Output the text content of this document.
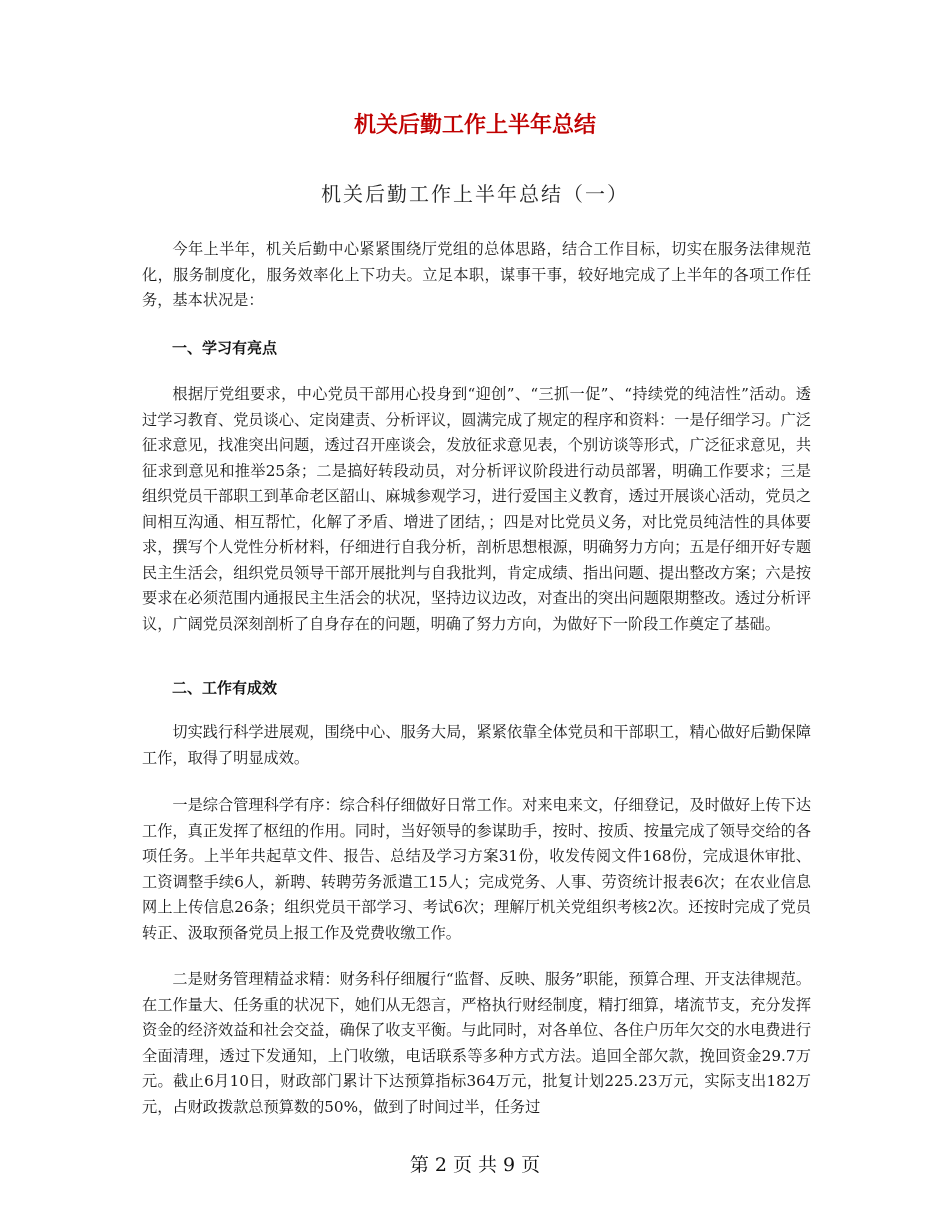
机关后勤工作上半年总结
机关后勤工作上半年总结（一）

今年上半年，机关后勤中心紧紧围绕厅党组的总体思路，结合工作目标，切实在服务法律规范化，服务制度化，服务效率化上下功夫。立足本职，谋事干事，较好地完成了上半年的各项工作任务，基本状况是：

一、学习有亮点

根据厅党组要求，中心党员干部用心投身到“迎创”、“三抓一促”、“持续党的纯洁性”活动。透过学习教育、党员谈心、定岗建责、分析评议，圆满完成了规定的程序和资料：一是仔细学习。广泛征求意见，找准突出问题，透过召开座谈会，发放征求意见表，个别访谈等形式，广泛征求意见，共征求到意见和推举25条；二是搞好转段动员，对分析评议阶段进行动员部署，明确工作要求；三是组织党员干部职工到革命老区韶山、麻城参观学习，进行爱国主义教育，透过开展谈心活动，党员之间相互沟通、相互帮忙，化解了矛盾、增进了团结，；四是对比党员义务，对比党员纯洁性的具体要求，撰写个人党性分析材料，仔细进行自我分析，剖析思想根源，明确努力方向；五是仔细开好专题民主生活会，组织党员领导干部开展批判与自我批判，肯定成绩、指出问题、提出整改方案；六是按要求在必须范围内通报民主生活会的状况，坚持边议边改，对查出的突出问题限期整改。透过分析评议，广阔党员深刻剖析了自身存在的问题，明确了努力方向，为做好下一阶段工作奠定了基础。

二、工作有成效

切实践行科学进展观，围绕中心、服务大局，紧紧依靠全体党员和干部职工，精心做好后勤保障工作，取得了明显成效。

一是综合管理科学有序：综合科仔细做好日常工作。对来电来文，仔细登记，及时做好上传下达工作，真正发挥了枢纽的作用。同时，当好领导的参谋助手，按时、按质、按量完成了领导交给的各项任务。上半年共起草文件、报告、总结及学习方案31份，收发传阅文件168份，完成退休审批、工资调整手续6人，新聘、转聘劳务派遣工15人；完成党务、人事、劳资统计报表6次；在农业信息网上上传信息26条；组织党员干部学习、考试6次；理解厅机关党组织考核2次。还按时完成了党员转正、汲取预备党员上报工作及党费收缴工作。

二是财务管理精益求精：财务科仔细履行“监督、反映、服务”职能，预算合理、开支法律规范。在工作量大、任务重的状况下，她们从无怨言，严格执行财经制度，精打细算，堵流节支，充分发挥资金的经济效益和社会交益，确保了收支平衡。与此同时，对各单位、各住户历年欠交的水电费进行全面清理，透过下发通知，上门收缴，电话联系等多种方式方法。追回全部欠款，挽回资金29.7万元。截止6月10日，财政部门累计下达预算指标364万元，批复计划225.23万元，实际支出182万元，占财政拨款总预算数的50%，做到了时间过半，任务过

第 2 页 共 9 页
